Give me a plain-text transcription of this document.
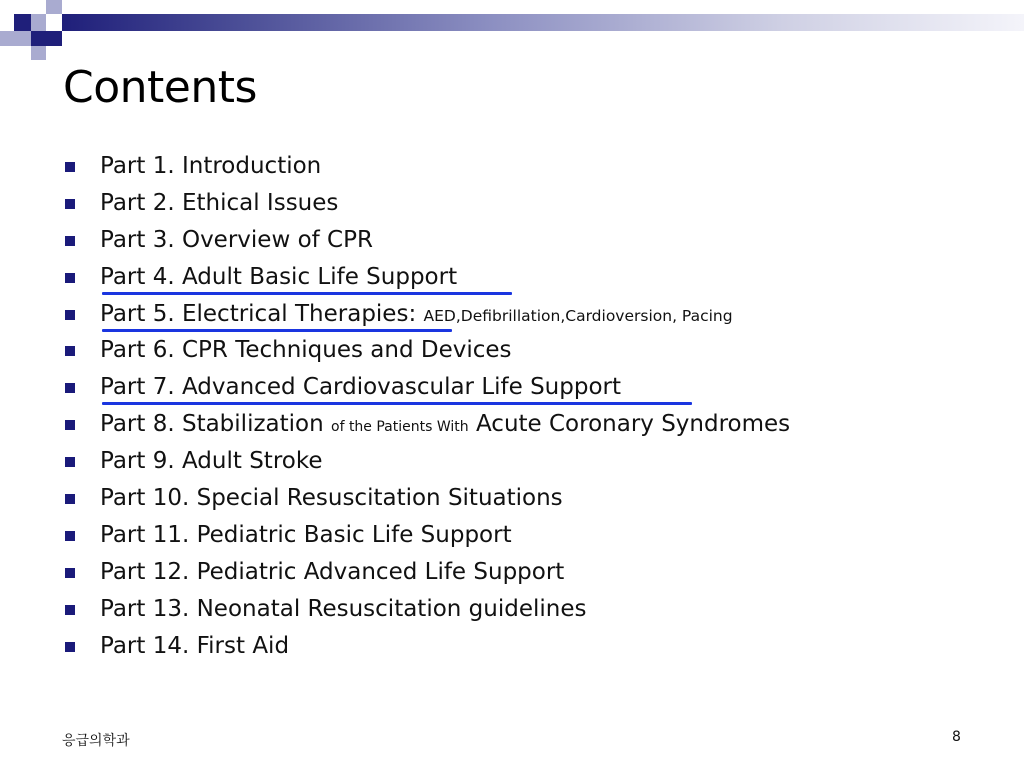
Contents
Part 1. Introduction
Part 2. Ethical Issues
Part 3. Overview of CPR
Part 4. Adult Basic Life Support
Part 5. Electrical Therapies: AED,Defibrillation,Cardioversion, Pacing
Part 6. CPR Techniques and Devices
Part 7. Advanced Cardiovascular Life Support
Part 8. Stabilization of the Patients With Acute Coronary Syndromes
Part 9. Adult Stroke
Part 10. Special Resuscitation Situations
Part 11. Pediatric Basic Life Support
Part 12. Pediatric Advanced Life Support
Part 13. Neonatal Resuscitation guidelines
Part 14. First Aid
응급의학과	8
